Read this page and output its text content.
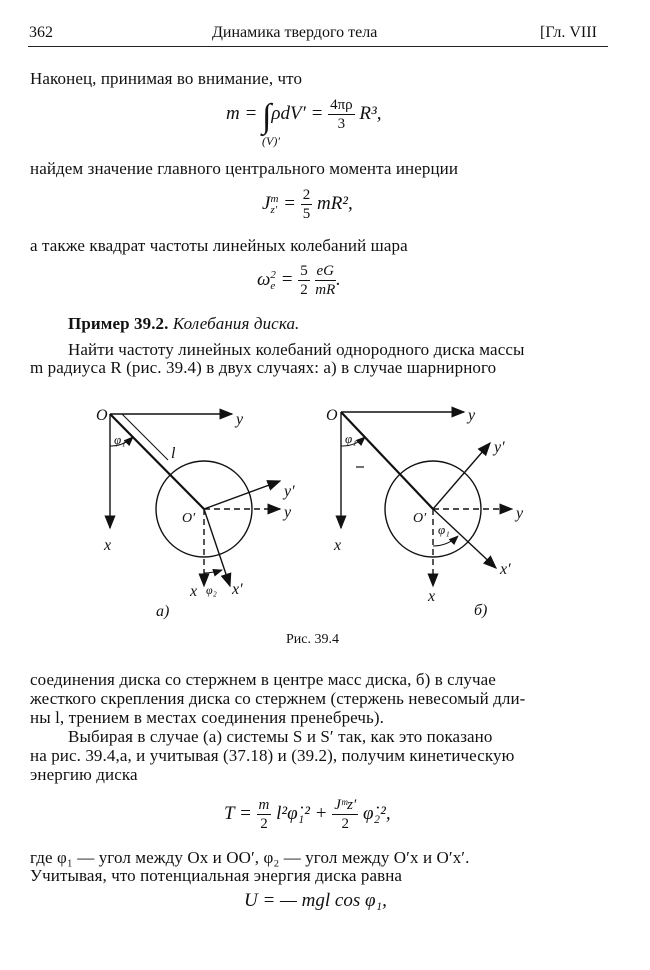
362	Динамика твердого тела	[Гл. VIII
Наконец, принимая во внимание, что
$m = \int\rho dV' = \frac{4\pi\rho}{3} R^3$,
(V)′
найдем значение главного центрального момента инерции
J m
$z' = \frac{2}{5} mR^2$,
а также квадрат частоты линейных колебаний шара
ω 2
$e = \frac{5}{2}$
$\frac{eG}{mR}$ .
Пример 39.2. Колебания диска.
Найти частоту линейных колебаний однородного диска массы
m радиуса R (рис. 39.4) в двух случаях: а) в случае шарнирного
O	y
φ₁
l
O′
y′
y
x
x φ₂ x′
а)
O	y
φ₁
y′
O′	y
φ₁
x
x′
x
б)
Рис. 39.4
соединения диска со стержнем в центре масс диска, б) в случае
жесткого скрепления диска со стержнем (стержень невесомый дли-
ны l, трением в местах соединения пренебречь).
Выбирая в случае (а) системы S и S′ так, как это показано
на рис. 39.4,а, и учитывая (37.18) и (39.2), получим кинетическую
энергию диска
$T = \frac{m}{2}$ l²φ̇₁² + $\frac{\text{Jᵐz′}}{2}$ φ̇₂²,
где φ₁ — угол между Ox и OO′, φ₂ — угол между O′x и O′x′.
Учитывая, что потенциальная энергия диска равна
U = — mgl cos φ₁,
